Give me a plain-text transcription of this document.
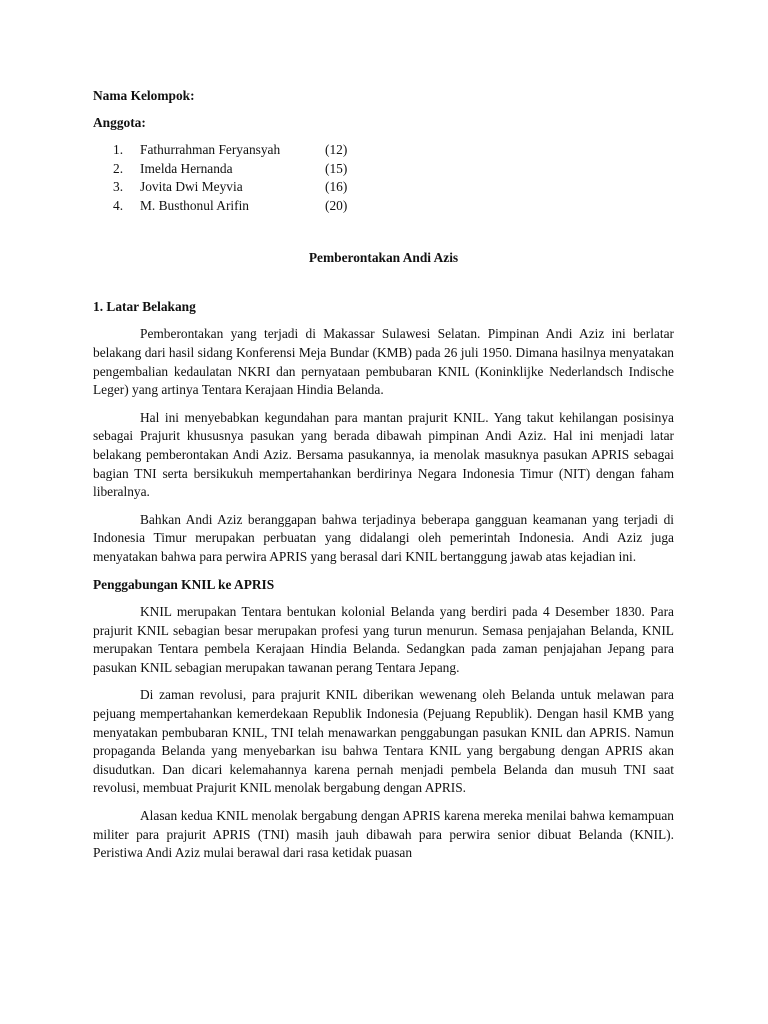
Nama Kelompok:

Anggota:

1.	Fathurrahman Feryansyah	(12)
2.	Imelda Hernanda	(15)
3.	Jovita Dwi Meyvia	(16)
4.	M. Busthonul Arifin	(20)

Pemberontakan Andi Azis

1. Latar Belakang

Pemberontakan yang terjadi di Makassar Sulawesi Selatan. Pimpinan Andi Aziz ini berlatar belakang dari hasil sidang Konferensi Meja Bundar (KMB) pada 26 juli 1950. Dimana hasilnya menyatakan pengembalian kedaulatan NKRI dan pernyataan pembubaran KNIL (Koninklijke Nederlandsch Indische Leger) yang artinya Tentara Kerajaan Hindia Belanda.

Hal ini menyebabkan kegundahan para mantan prajurit KNIL. Yang takut kehilangan posisinya sebagai Prajurit khususnya pasukan yang berada dibawah pimpinan Andi Aziz. Hal ini menjadi latar belakang pemberontakan Andi Aziz. Bersama pasukannya, ia menolak masuknya pasukan APRIS sebagai bagian TNI serta bersikukuh mempertahankan berdirinya Negara Indonesia Timur (NIT) dengan faham liberalnya.

Bahkan Andi Aziz beranggapan bahwa terjadinya beberapa gangguan keamanan yang terjadi di Indonesia Timur merupakan perbuatan yang didalangi oleh pemerintah Indonesia. Andi Aziz juga menyatakan bahwa para perwira APRIS yang berasal dari KNIL bertanggung jawab atas kejadian ini.

Penggabungan KNIL ke APRIS

KNIL merupakan Tentara bentukan kolonial Belanda yang berdiri pada 4 Desember 1830. Para prajurit KNIL sebagian besar merupakan profesi yang turun menurun. Semasa penjajahan Belanda, KNIL merupakan Tentara pembela Kerajaan Hindia Belanda. Sedangkan pada zaman penjajahan Jepang para pasukan KNIL sebagian merupakan tawanan perang Tentara Jepang.

Di zaman revolusi, para prajurit KNIL diberikan wewenang oleh Belanda untuk melawan para pejuang mempertahankan kemerdekaan Republik Indonesia (Pejuang Republik). Dengan hasil KMB yang menyatakan pembubaran KNIL, TNI telah menawarkan penggabungan pasukan KNIL dan APRIS. Namun propaganda Belanda yang menyebarkan isu bahwa Tentara KNIL yang bergabung dengan APRIS akan disudutkan. Dan dicari kelemahannya karena pernah menjadi pembela Belanda dan musuh TNI saat revolusi, membuat Prajurit KNIL menolak bergabung dengan APRIS.

Alasan kedua KNIL menolak bergabung dengan APRIS karena mereka menilai bahwa kemampuan militer para prajurit APRIS (TNI) masih jauh dibawah para perwira senior dibuat Belanda (KNIL). Peristiwa Andi Aziz mulai berawal dari rasa ketidak puasan
